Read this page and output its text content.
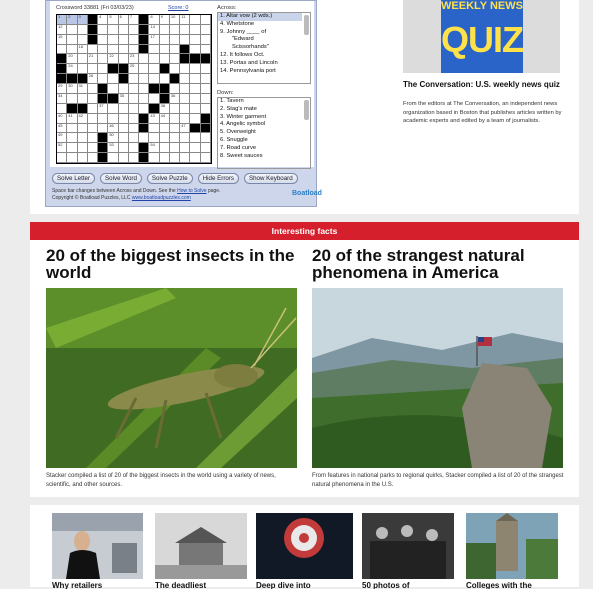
Crossword 33881 (Fri 03/03/23)	Score: 0
1 2 3	4 5 6 7	8 9 10 11
12	14
15	17
18
20	21	22	23
24	25
26
29 30 31
34	35	36
37	38
40 41 42	43 44
45	46	47
49	50
52	53	54
Across:
1. Altar vow (2 wds.)
4. Whetstone
9. Johnny ____ of
"Edward
Scissorhands"
12. It follows Oct.
13. Portas and Lincoln
14. Pennsylvania port
Down:
1. Tavern
2. Stag's mate
3. Winter garment
4. Angelic symbol
5. Overweight
6. Snuggle
7. Road curve
8. Sweet sauces
Solve Letter	Solve Word	Solve Puzzle	Hide Errors	Show Keyboard
Space bar changes between Across and Down. See the How to Solve page.
Copyright © Boatload Puzzles, LLC www.boatloadpuzzles.com
Boatload
WEEKLY NEWS
QUIZ
The Conversation: U.S. weekly news quiz
From the editors at The Conversation, an independent news organization based in Boston that publishes articles written by academic experts and edited by a team of journalists.
Interesting facts
20 of the biggest insects in the world
Stacker compiled a list of 20 of the biggest insects in the world using a variety of news, scientific, and other sources.
20 of the strangest natural phenomena in America
From features in national parks to regional quirks, Stacker compiled a list of 20 of the strangest natural phenomena in the U.S.
Why retailers	The deadliest	Deep dive into	50 photos of	Colleges with the
